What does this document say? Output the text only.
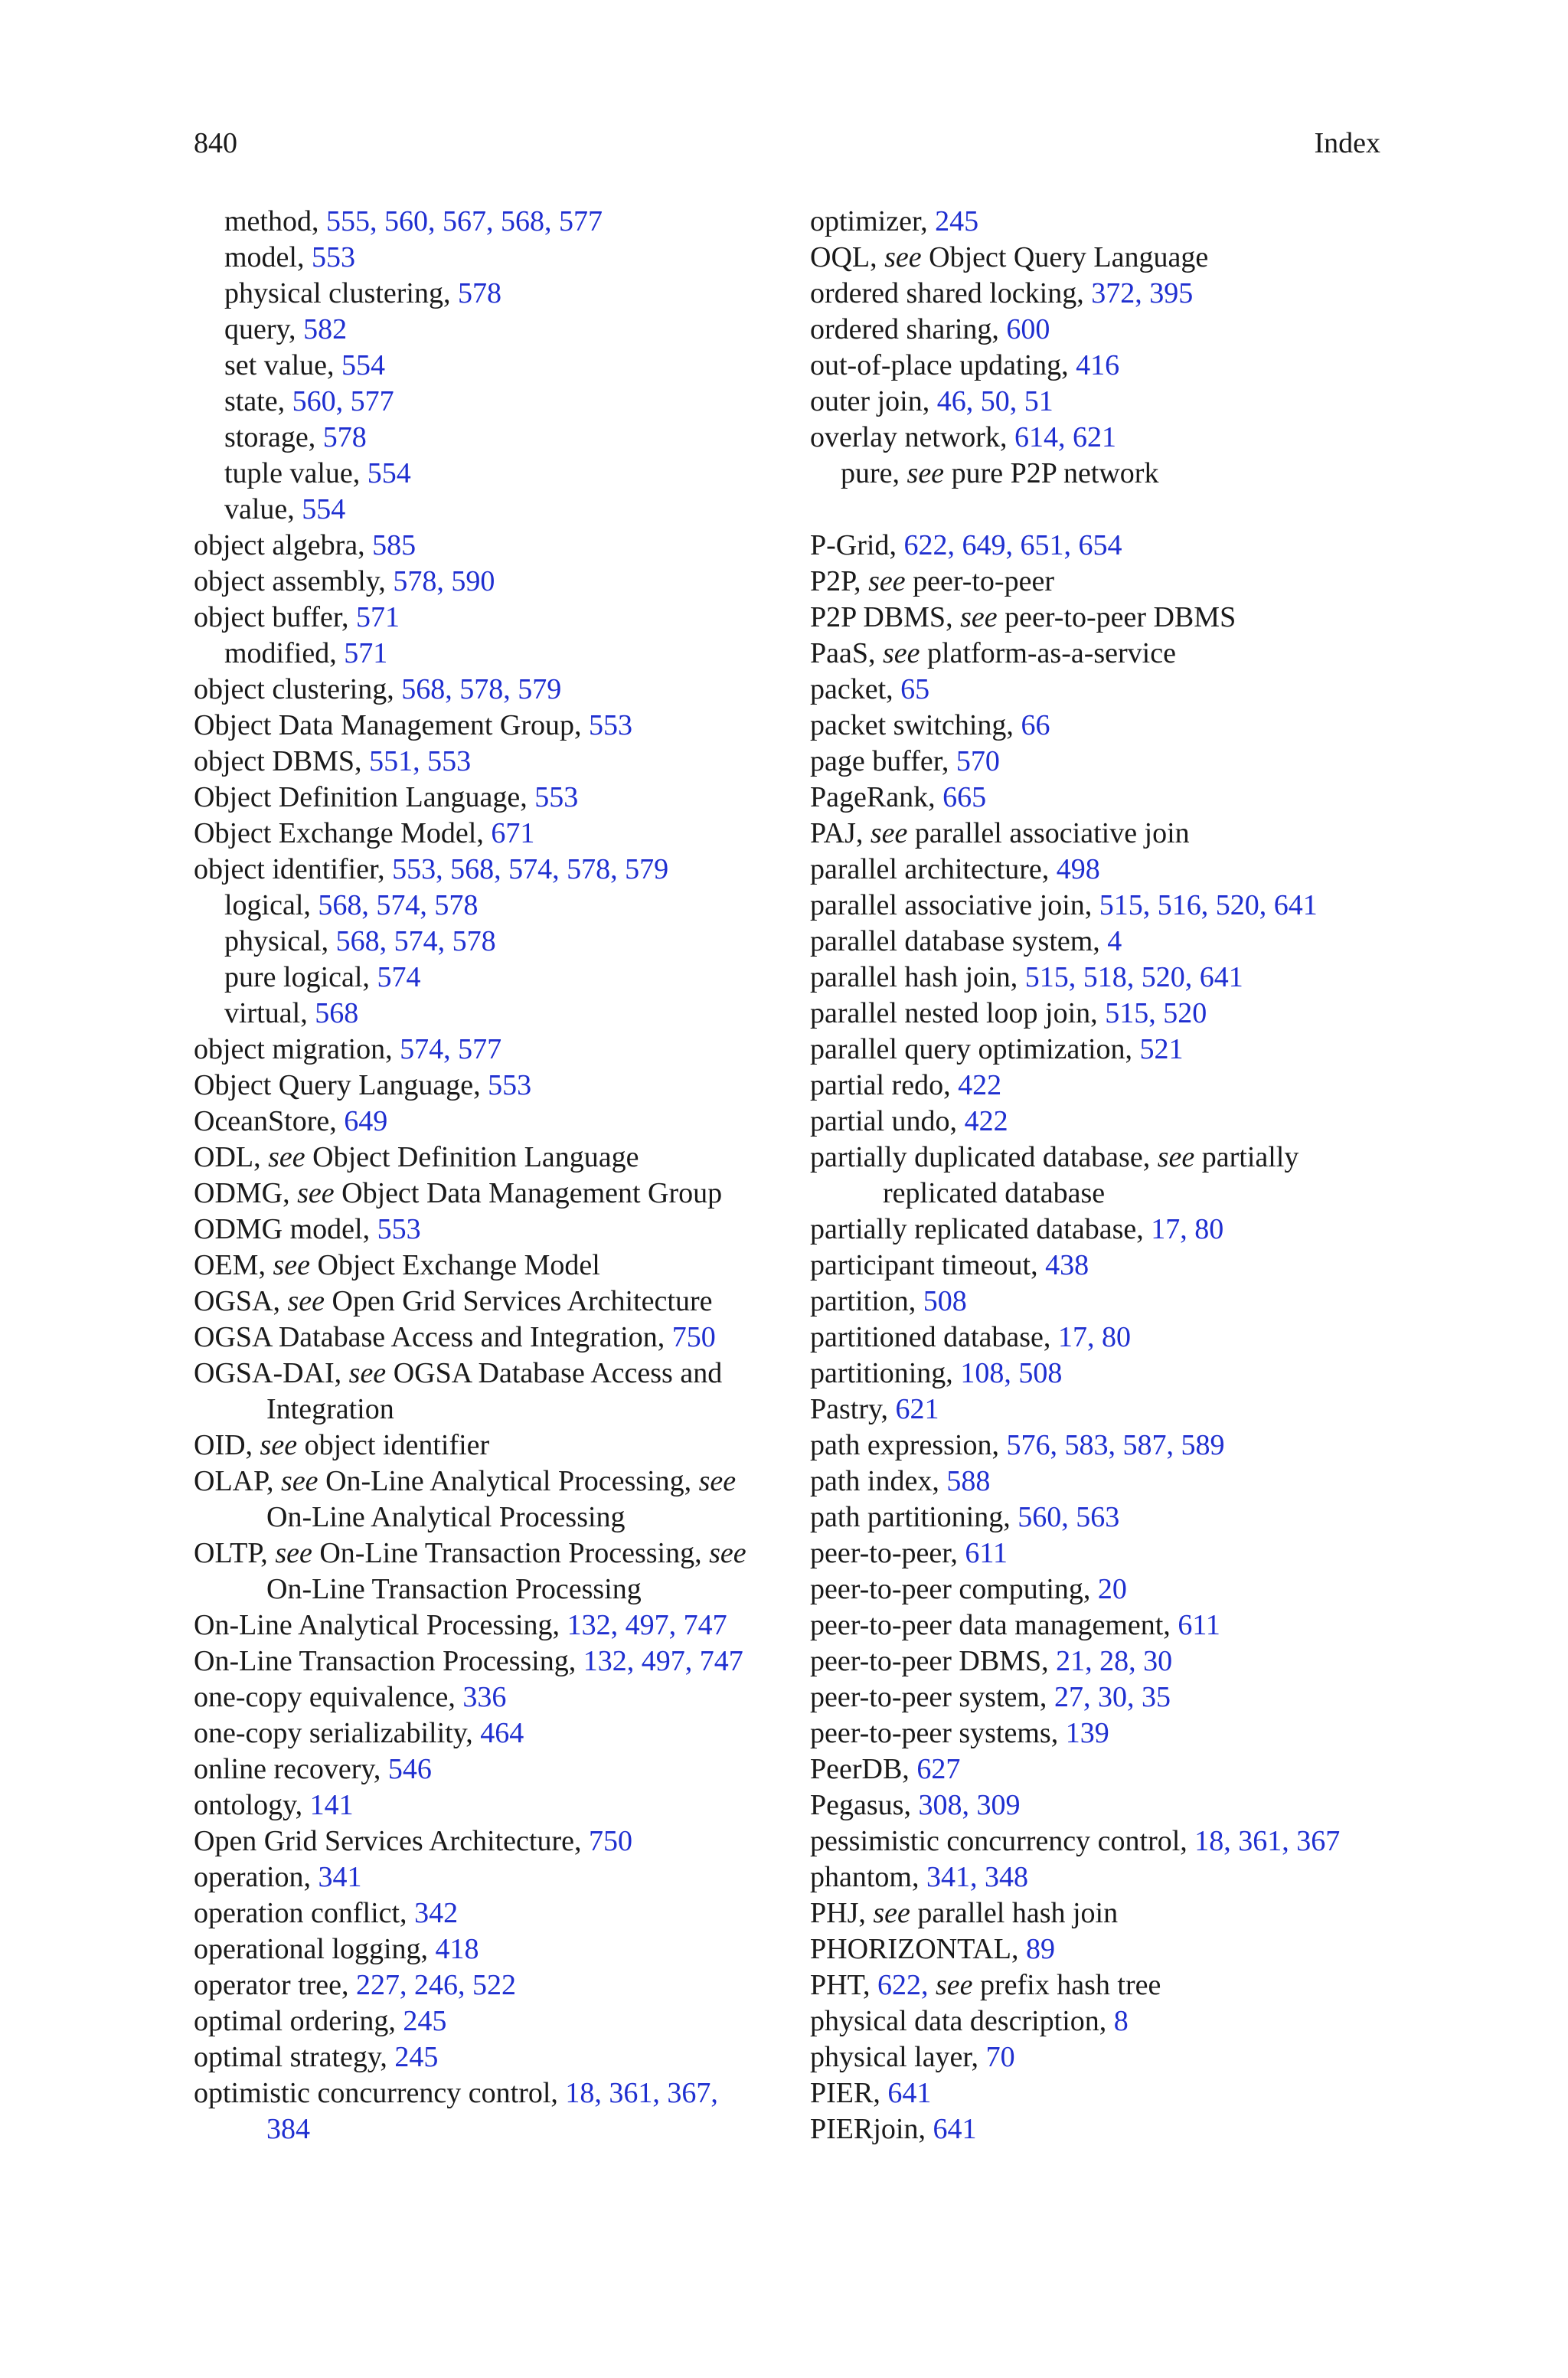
840	Index
method, 555, 560, 567, 568, 577
model, 553
physical clustering, 578
query, 582
set value, 554
state, 560, 577
storage, 578
tuple value, 554
value, 554
object algebra, 585
object assembly, 578, 590
object buffer, 571
modified, 571
object clustering, 568, 578, 579
Object Data Management Group, 553
object DBMS, 551, 553
Object Definition Language, 553
Object Exchange Model, 671
object identifier, 553, 568, 574, 578, 579
logical, 568, 574, 578
physical, 568, 574, 578
pure logical, 574
virtual, 568
object migration, 574, 577
Object Query Language, 553
OceanStore, 649
ODL, see Object Definition Language
ODMG, see Object Data Management Group
ODMG model, 553
OEM, see Object Exchange Model
OGSA, see Open Grid Services Architecture
OGSA Database Access and Integration, 750
OGSA-DAI, see OGSA Database Access and
Integration
OID, see object identifier
OLAP, see On-Line Analytical Processing, see
On-Line Analytical Processing
OLTP, see On-Line Transaction Processing, see
On-Line Transaction Processing
On-Line Analytical Processing, 132, 497, 747
On-Line Transaction Processing, 132, 497, 747
one-copy equivalence, 336
one-copy serializability, 464
online recovery, 546
ontology, 141
Open Grid Services Architecture, 750
operation, 341
operation conflict, 342
operational logging, 418
operator tree, 227, 246, 522
optimal ordering, 245
optimal strategy, 245
optimistic concurrency control, 18, 361, 367,
384
optimizer, 245
OQL, see Object Query Language
ordered shared locking, 372, 395
ordered sharing, 600
out-of-place updating, 416
outer join, 46, 50, 51
overlay network, 614, 621
pure, see pure P2P network
P-Grid, 622, 649, 651, 654
P2P, see peer-to-peer
P2P DBMS, see peer-to-peer DBMS
PaaS, see platform-as-a-service
packet, 65
packet switching, 66
page buffer, 570
PageRank, 665
PAJ, see parallel associative join
parallel architecture, 498
parallel associative join, 515, 516, 520, 641
parallel database system, 4
parallel hash join, 515, 518, 520, 641
parallel nested loop join, 515, 520
parallel query optimization, 521
partial redo, 422
partial undo, 422
partially duplicated database, see partially
replicated database
partially replicated database, 17, 80
participant timeout, 438
partition, 508
partitioned database, 17, 80
partitioning, 108, 508
Pastry, 621
path expression, 576, 583, 587, 589
path index, 588
path partitioning, 560, 563
peer-to-peer, 611
peer-to-peer computing, 20
peer-to-peer data management, 611
peer-to-peer DBMS, 21, 28, 30
peer-to-peer system, 27, 30, 35
peer-to-peer systems, 139
PeerDB, 627
Pegasus, 308, 309
pessimistic concurrency control, 18, 361, 367
phantom, 341, 348
PHJ, see parallel hash join
PHORIZONTAL, 89
PHT, 622, see prefix hash tree
physical data description, 8
physical layer, 70
PIER, 641
PIERjoin, 641
